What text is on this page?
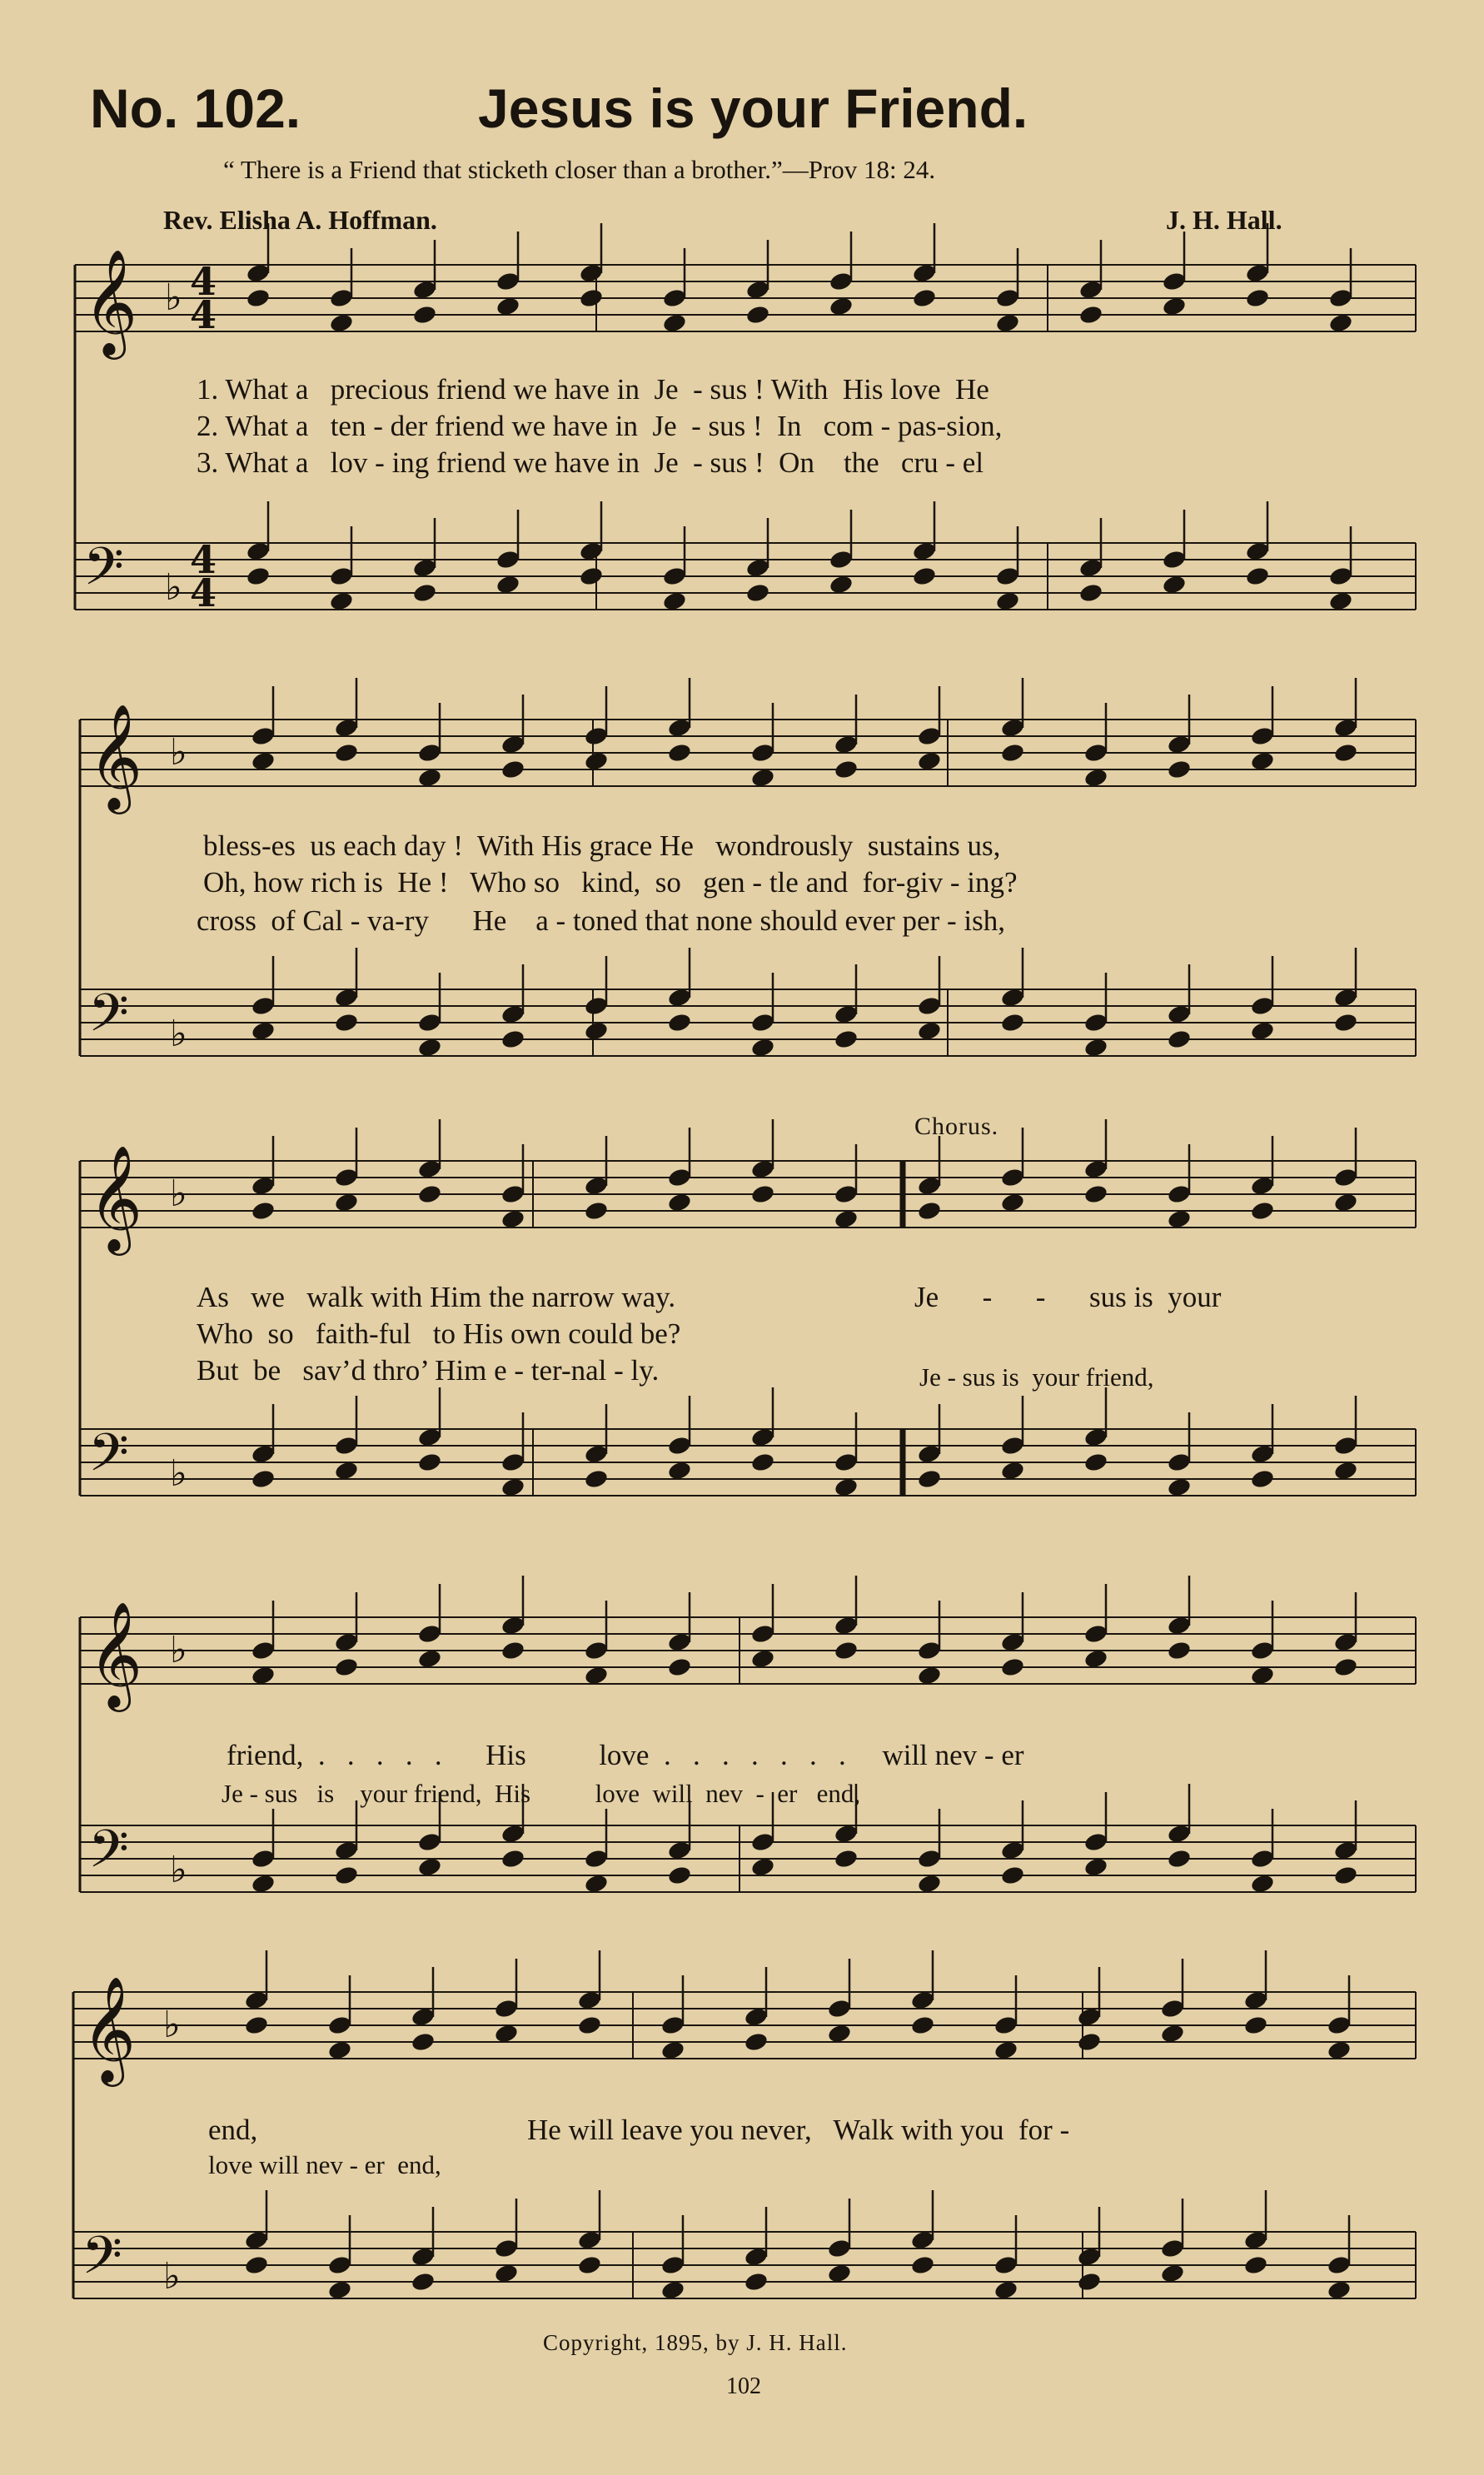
No. 102.	Jesus is your Friend.
“ There is a Friend that sticketh closer than a brother.”—Prov 18: 24.
Rev. Elisha A. Hoffman.	J. H. Hall.
𝄞 ♭
𝄢 ♭
𝄞 ♭
𝄢 ♭
𝄞 ♭
𝄢 ♭
𝄞 ♭
𝄢 ♭
𝄞 ♭
𝄢 ♭
4
4
4
4
1. What a   precious friend we have in  Je  - sus ! With  His love  He
2. What a   ten - der friend we have in  Je  - sus !  In   com - pas-sion,
3. What a   lov - ing friend we have in  Je  - sus !  On    the   cru - el
bless-es  us each day !  With His grace He   wondrously  sustains us,
Oh, how rich is  He !   Who so   kind,  so   gen - tle and  for-giv - ing?
cross  of Cal - va-ry      He    a - toned that none should ever per - ish,
As   we   walk with Him the narrow way.
Who  so   faith-ful   to His own could be?
But  be   sav’d thro’ Him e - ter-nal - ly.
Chorus.
Je      -      -      sus is  your
Je - sus is  your friend,
friend,  .   .   .   .   .      His          love  .   .   .   .   .   .   .     will nev - er
Je - sus   is    your friend,  His          love  will  nev  -  er   end,
end,                                     He will leave you never,   Walk with you  for -
love will nev - er  end,
Copyright, 1895, by J. H. Hall.
102
